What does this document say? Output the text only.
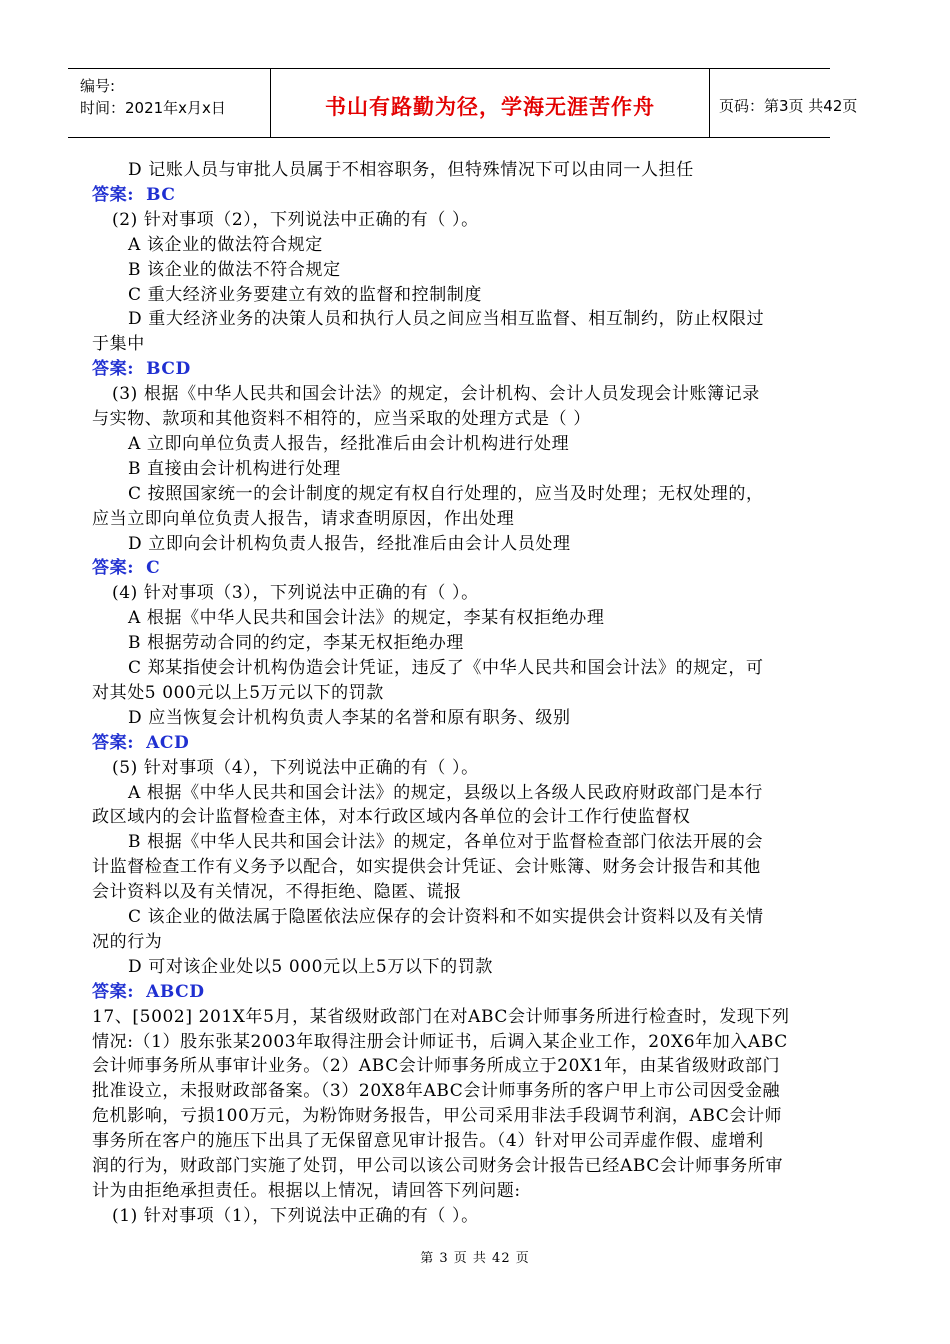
编号:
时间：2021年x月x日	书山有路勤为径，学海无涯苦作舟	页码：第3页 共42页
D 记账人员与审批人员属于不相容职务，但特殊情况下可以由同一人担任
答案: BC
(2) 针对事项（2），下列说法中正确的有（ ）。
A 该企业的做法符合规定
B 该企业的做法不符合规定
C 重大经济业务要建立有效的监督和控制制度
D 重大经济业务的决策人员和执行人员之间应当相互监督、相互制约，防止权限过
于集中
答案: BCD
(3) 根据《中华人民共和国会计法》的规定，会计机构、会计人员发现会计账簿记录
与实物、款项和其他资料不相符的，应当采取的处理方式是（ ）
A 立即向单位负责人报告，经批准后由会计机构进行处理
B 直接由会计机构进行处理
C 按照国家统一的会计制度的规定有权自行处理的，应当及时处理；无权处理的，
应当立即向单位负责人报告，请求查明原因，作出处理
D 立即向会计机构负责人报告，经批准后由会计人员处理
答案: C
(4) 针对事项（3），下列说法中正确的有（ ）。
A 根据《中华人民共和国会计法》的规定，李某有权拒绝办理
B 根据劳动合同的约定，李某无权拒绝办理
C 郑某指使会计机构伪造会计凭证，违反了《中华人民共和国会计法》的规定，可
对其处5 000元以上5万元以下的罚款
D 应当恢复会计机构负责人李某的名誉和原有职务、级别
答案: ACD
(5) 针对事项（4），下列说法中正确的有（ ）。
A 根据《中华人民共和国会计法》的规定，县级以上各级人民政府财政部门是本行
政区域内的会计监督检查主体，对本行政区域内各单位的会计工作行使监督权
B 根据《中华人民共和国会计法》的规定，各单位对于监督检查部门依法开展的会
计监督检查工作有义务予以配合，如实提供会计凭证、会计账簿、财务会计报告和其他
会计资料以及有关情况，不得拒绝、隐匿、谎报
C 该企业的做法属于隐匿依法应保存的会计资料和不如实提供会计资料以及有关情
况的行为
D 可对该企业处以5 000元以上5万以下的罚款
答案: ABCD
17、[5002] 201X年5月，某省级财政部门在对ABC会计师事务所进行检查时，发现下列
情况:（1）股东张某2003年取得注册会计师证书，后调入某企业工作，20X6年加入ABC
会计师事务所从事审计业务。（2）ABC会计师事务所成立于20X1年，由某省级财政部门
批准设立，未报财政部备案。（3）20X8年ABC会计师事务所的客户甲上市公司因受金融
危机影响，亏损100万元，为粉饰财务报告，甲公司采用非法手段调节利润，ABC会计师
事务所在客户的施压下出具了无保留意见审计报告。（4）针对甲公司弄虚作假、虚增利
润的行为，财政部门实施了处罚，甲公司以该公司财务会计报告已经ABC会计师事务所审
计为由拒绝承担责任。根据以上情况，请回答下列问题:
(1) 针对事项（1），下列说法中正确的有（ ）。
第 3 页 共 42 页
